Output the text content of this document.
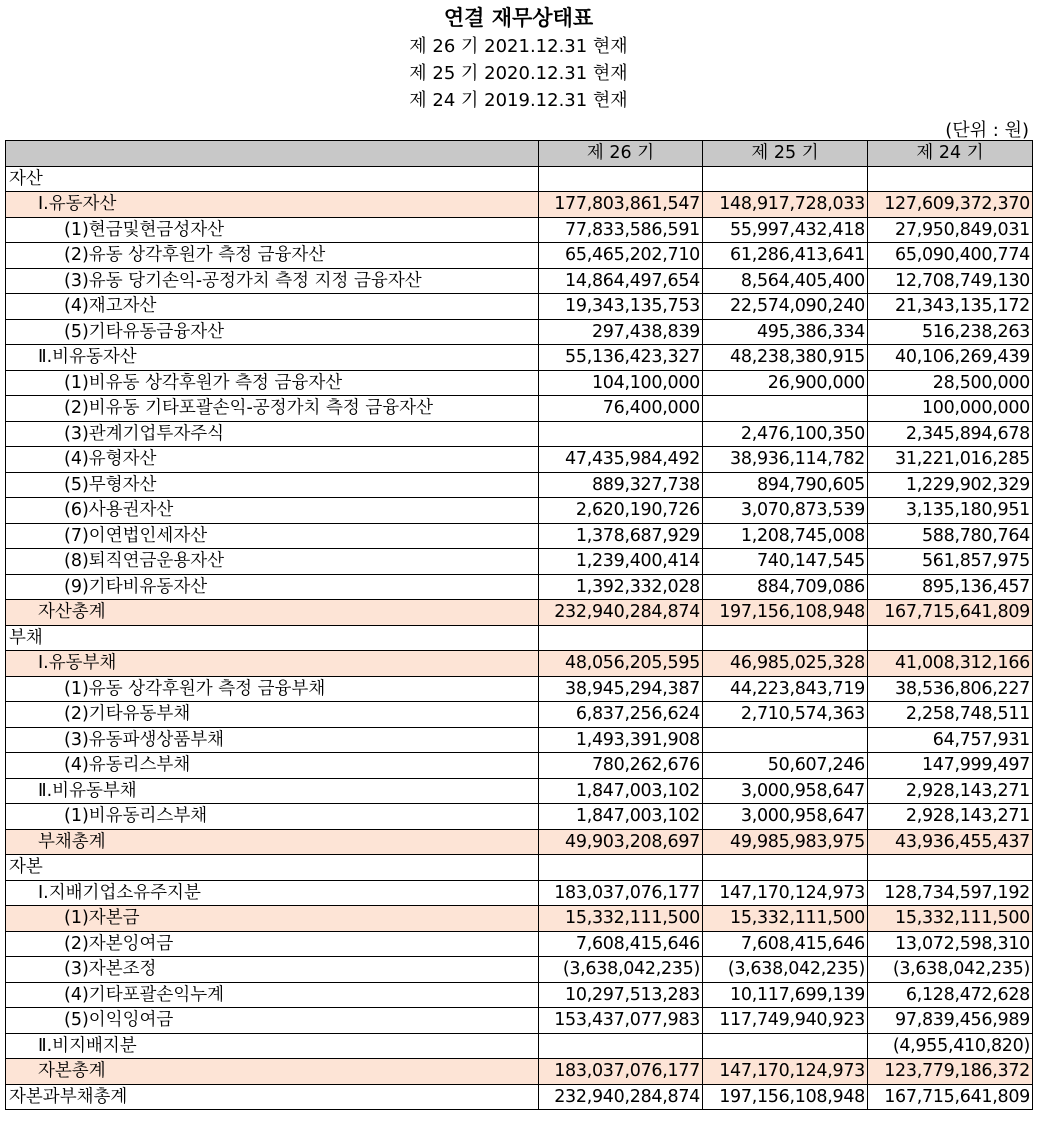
연결 재무상태표
제 26 기 2021.12.31 현재
제 25 기 2020.12.31 현재
제 24 기 2019.12.31 현재
(단위 : 원)
	제 26 기	제 25 기	제 24 기
자산			
Ⅰ.유동자산	177,803,861,547	148,917,728,033	127,609,372,370
(1)현금및현금성자산	77,833,586,591	55,997,432,418	27,950,849,031
(2)유동 상각후원가 측정 금융자산	65,465,202,710	61,286,413,641	65,090,400,774
(3)유동 당기손익-공정가치 측정 지정 금융자산	14,864,497,654	8,564,405,400	12,708,749,130
(4)재고자산	19,343,135,753	22,574,090,240	21,343,135,172
(5)기타유동금융자산	297,438,839	495,386,334	516,238,263
Ⅱ.비유동자산	55,136,423,327	48,238,380,915	40,106,269,439
(1)비유동 상각후원가 측정 금융자산	104,100,000	26,900,000	28,500,000
(2)비유동 기타포괄손익-공정가치 측정 금융자산	76,400,000		100,000,000
(3)관계기업투자주식		2,476,100,350	2,345,894,678
(4)유형자산	47,435,984,492	38,936,114,782	31,221,016,285
(5)무형자산	889,327,738	894,790,605	1,229,902,329
(6)사용권자산	2,620,190,726	3,070,873,539	3,135,180,951
(7)이연법인세자산	1,378,687,929	1,208,745,008	588,780,764
(8)퇴직연금운용자산	1,239,400,414	740,147,545	561,857,975
(9)기타비유동자산	1,392,332,028	884,709,086	895,136,457
자산총계	232,940,284,874	197,156,108,948	167,715,641,809
부채			
Ⅰ.유동부채	48,056,205,595	46,985,025,328	41,008,312,166
(1)유동 상각후원가 측정 금융부채	38,945,294,387	44,223,843,719	38,536,806,227
(2)기타유동부채	6,837,256,624	2,710,574,363	2,258,748,511
(3)유동파생상품부채	1,493,391,908		64,757,931
(4)유동리스부채	780,262,676	50,607,246	147,999,497
Ⅱ.비유동부채	1,847,003,102	3,000,958,647	2,928,143,271
(1)비유동리스부채	1,847,003,102	3,000,958,647	2,928,143,271
부채총계	49,903,208,697	49,985,983,975	43,936,455,437
자본			
Ⅰ.지배기업소유주지분	183,037,076,177	147,170,124,973	128,734,597,192
(1)자본금	15,332,111,500	15,332,111,500	15,332,111,500
(2)자본잉여금	7,608,415,646	7,608,415,646	13,072,598,310
(3)자본조정	(3,638,042,235)	(3,638,042,235)	(3,638,042,235)
(4)기타포괄손익누계	10,297,513,283	10,117,699,139	6,128,472,628
(5)이익잉여금	153,437,077,983	117,749,940,923	97,839,456,989
Ⅱ.비지배지분			(4,955,410,820)
자본총계	183,037,076,177	147,170,124,973	123,779,186,372
자본과부채총계	232,940,284,874	197,156,108,948	167,715,641,809
